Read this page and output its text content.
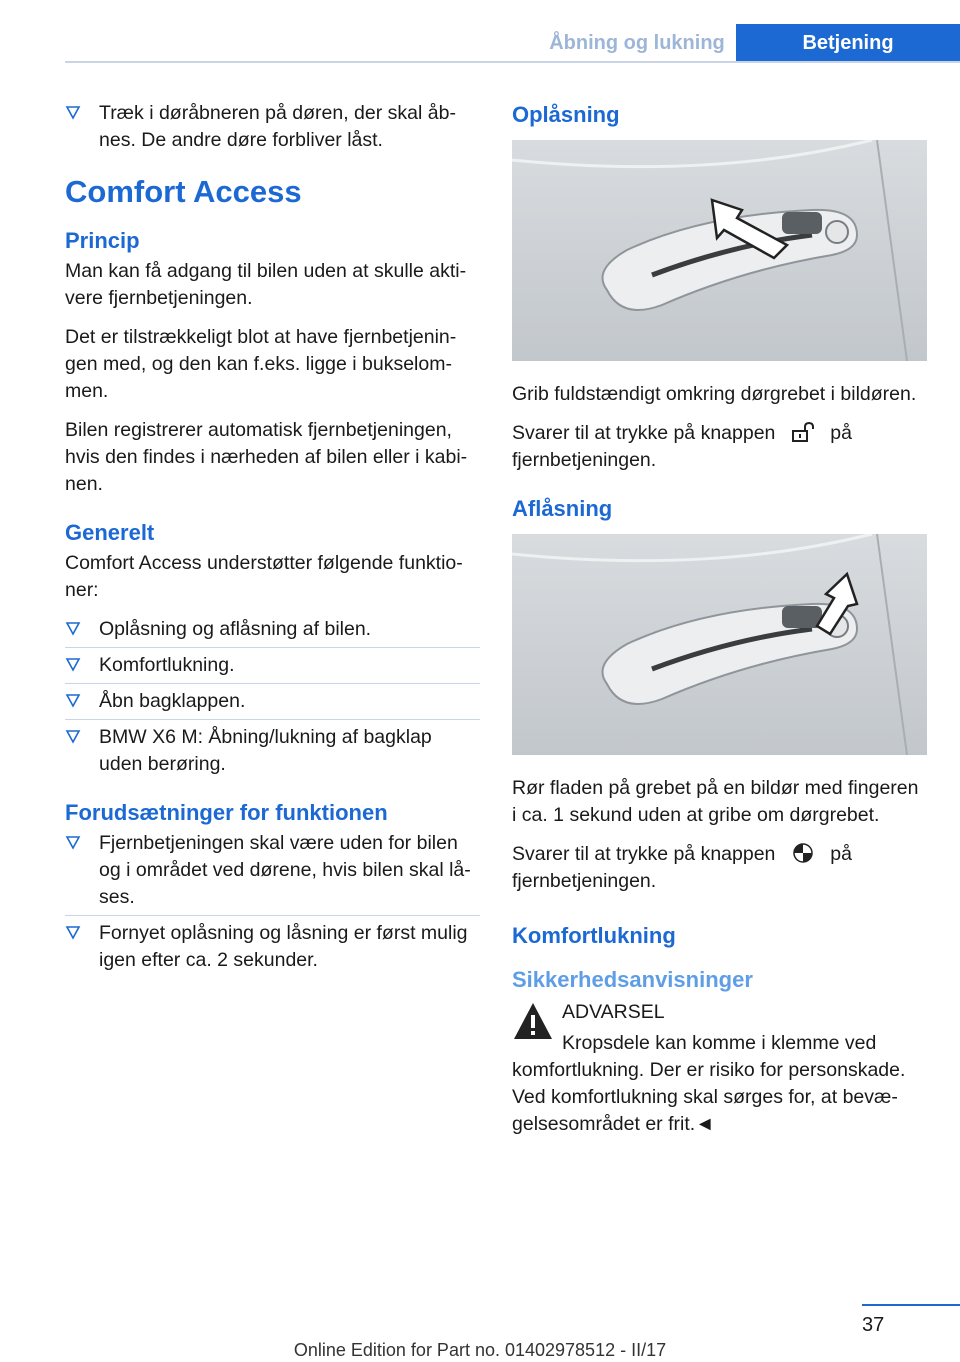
Åbning og lukning	Betjening
Træk i døråbneren på døren, der skal åbnes. De andre døre forbliver låst.
Comfort Access
Princip

Man kan få adgang til bilen uden at skulle aktivere fjernbetjeningen.

Det er tilstrækkeligt blot at have fjernbetjeningen med, og den kan f.eks. ligge i bukselommen.

Bilen registrerer automatisk fjernbetjeningen, hvis den findes i nærheden af bilen eller i kabinen.

Generelt

Comfort Access understøtter følgende funktioner:

Oplåsning og aflåsning af bilen.
Komfortlukning.
Åbn bagklappen.
BMW X6 M: Åbning/lukning af bagklap uden berøring.
Forudsætninger for funktionen
Fjernbetjeningen skal være uden for bilen og i området ved dørene, hvis bilen skal låses.
Fornyet oplåsning og låsning er først mulig igen efter ca. 2 sekunder.
Oplåsning

Grib fuldstændigt omkring dørgrebet i bildøren.

Svarer til at trykke på knappen	på fjernbetjeningen.

Aflåsning

Rør fladen på grebet på en bildør med fingeren i ca. 1 sekund uden at gribe om dørgrebet.

Svarer til at trykke på knappen	på fjernbetjeningen.

Komfortlukning
Sikkerhedsanvisninger

ADVARSEL

Kropsdele kan komme i klemme ved komfortlukning. Der er risiko for personskade. Ved komfortlukning skal sørges for, at bevægelsesområdet er frit.◄

37
Online Edition for Part no. 01402978512 - II/17
